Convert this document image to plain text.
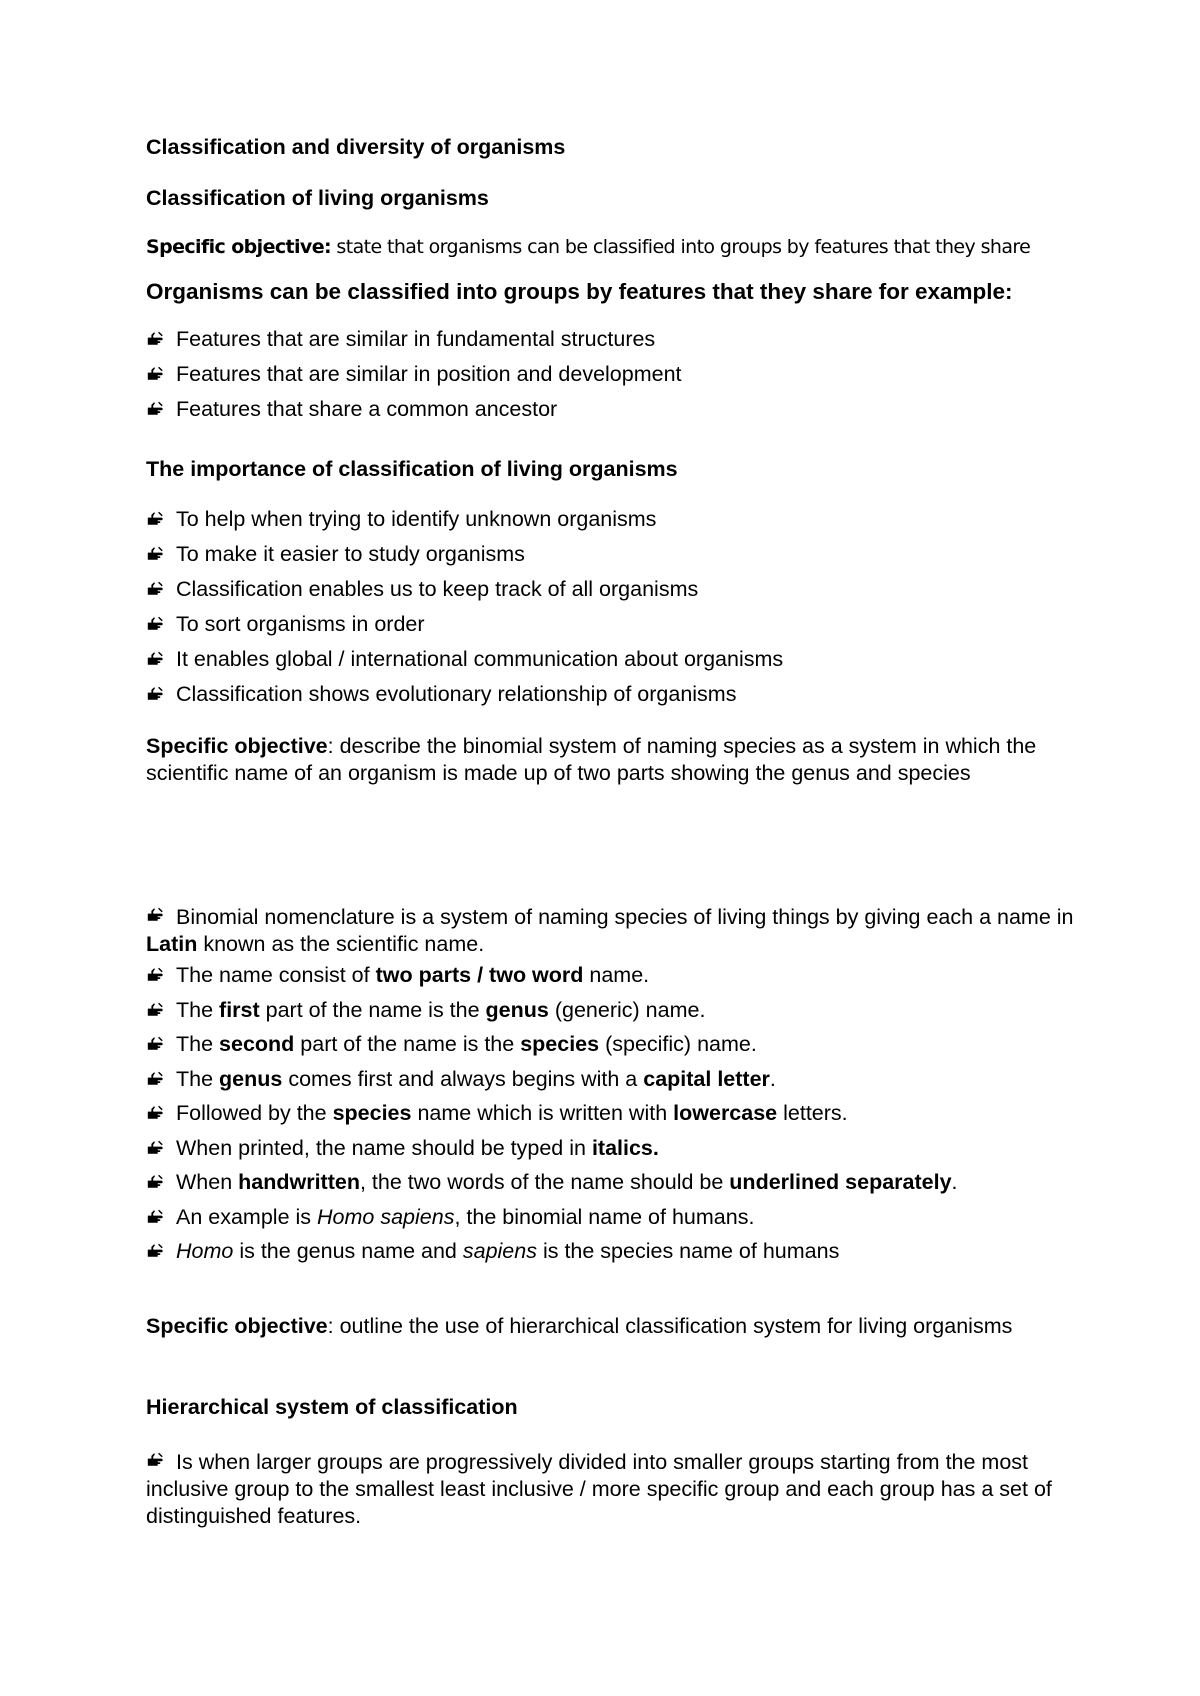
Classification and diversity of organisms
Classification of living organisms
Specific objective: state that organisms can be classified into groups by features that they share
Organisms can be classified into groups by features that they share for example:
Features that are similar in fundamental structures
Features that are similar in position and development
Features that share a common ancestor
The importance of classification of living organisms
To help when trying to identify unknown organisms
To make it easier to study organisms
Classification enables us to keep track of all organisms
To sort organisms in order
It enables global / international communication about organisms
Classification shows evolutionary relationship of organisms
Specific objective: describe the binomial system of naming species as a system in which the scientific name of an organism is made up of two parts showing the genus and species
Binomial nomenclature is a system of naming species of living things by giving each a name in Latin known as the scientific name.
The name consist of two parts / two word name.
The first part of the name is the genus (generic) name.
The second part of the name is the species (specific) name.
The genus comes first and always begins with a capital letter.
Followed by the species name which is written with lowercase letters.
When printed, the name should be typed in italics.
When handwritten, the two words of the name should be underlined separately.
An example is Homo sapiens, the binomial name of humans.
Homo is the genus name and sapiens is the species name of humans
Specific objective: outline the use of hierarchical classification system for living organisms
Hierarchical system of classification
Is when larger groups are progressively divided into smaller groups starting from the most inclusive group to the smallest least inclusive / more specific group and each group has a set of distinguished features.
